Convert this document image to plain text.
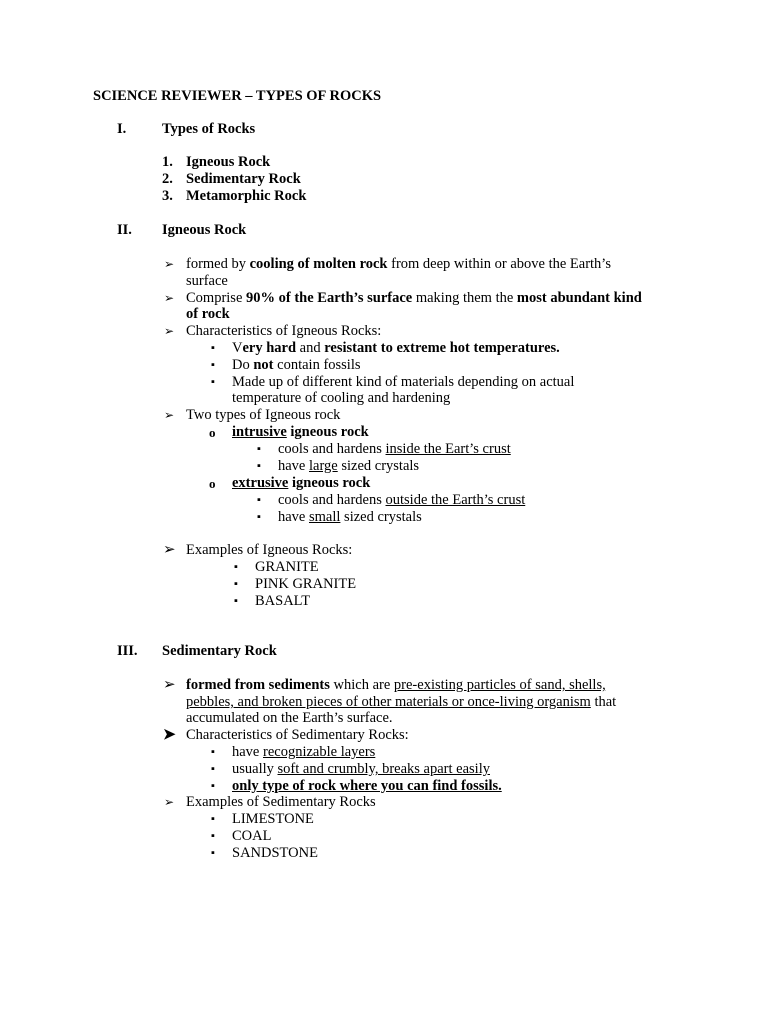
SCIENCE REVIEWER – TYPES OF ROCKS
I. Types of Rocks
1. Igneous Rock
2. Sedimentary Rock
3. Metamorphic Rock
II. Igneous Rock
➢ formed by cooling of molten rock from deep within or above the Earth’s
surface
➢ Comprise 90% of the Earth’s surface making them the most abundant kind
of rock
➢ Characteristics of Igneous Rocks:
▪ Very hard and resistant to extreme hot temperatures.
▪ Do not contain fossils
▪ Made up of different kind of materials depending on actual
temperature of cooling and hardening
➢ Two types of Igneous rock
o intrusive igneous rock
▪ cools and hardens inside the Eart’s crust
▪ have large sized crystals
o extrusive igneous rock
▪ cools and hardens outside the Earth’s crust
▪ have small sized crystals
➢ Examples of Igneous Rocks:
▪ GRANITE
▪ PINK GRANITE
▪ BASALT
III. Sedimentary Rock
➢ formed from sediments which are pre-existing particles of sand, shells,
pebbles, and broken pieces of other materials or once-living organism that
accumulated on the Earth’s surface.
➤ Characteristics of Sedimentary Rocks:
▪ have recognizable layers
▪ usually soft and crumbly, breaks apart easily
▪ only type of rock where you can find fossils.
➢ Examples of Sedimentary Rocks
▪ LIMESTONE
▪ COAL
▪ SANDSTONE
